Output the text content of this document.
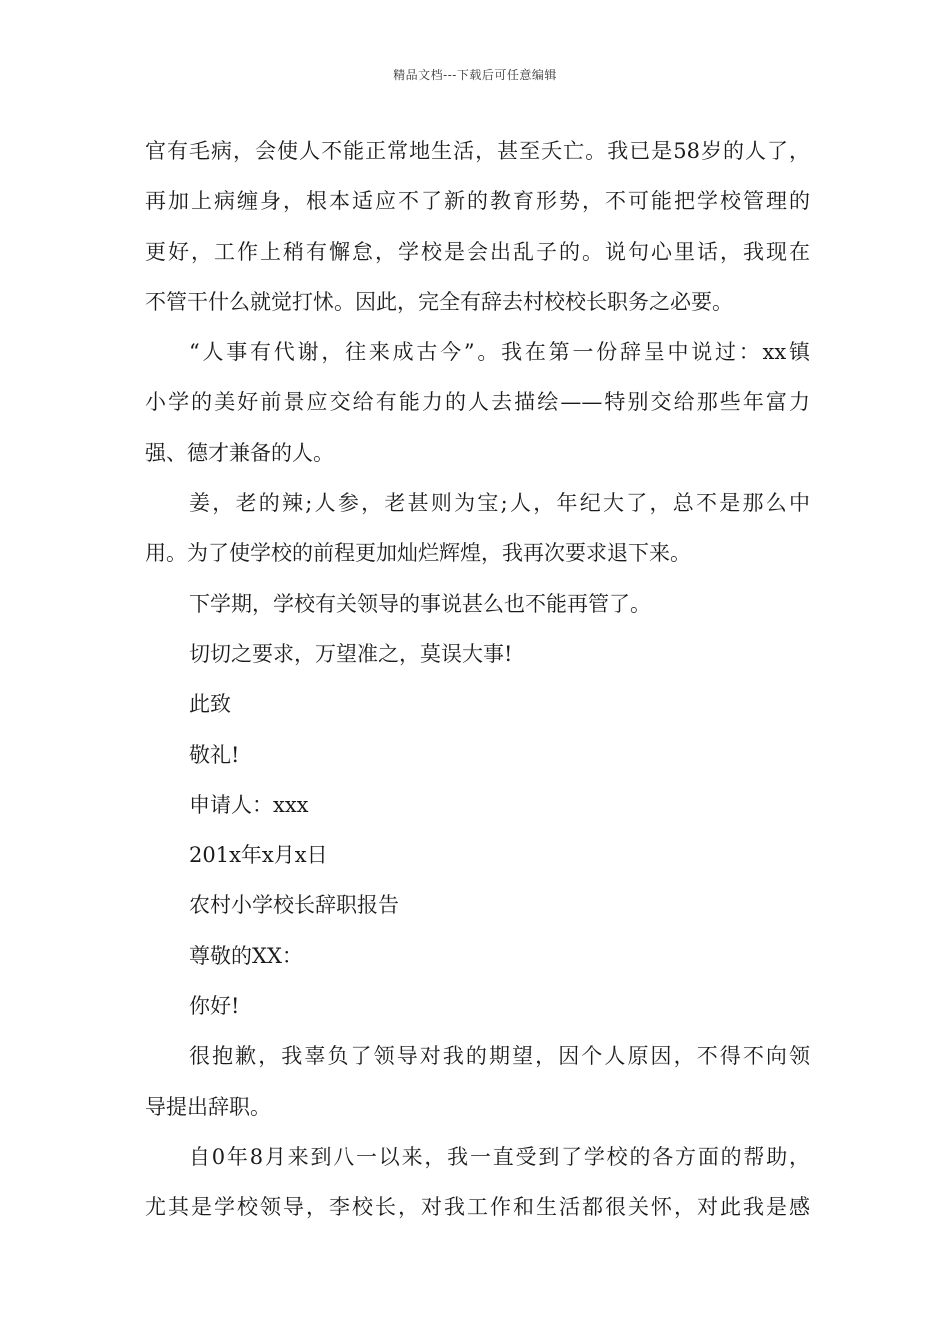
精品文档---下载后可任意编辑
官有毛病，会使人不能正常地生活，甚至夭亡。我已是58岁的人了，
再加上病缠身，根本适应不了新的教育形势，不可能把学校管理的
更好，工作上稍有懈怠，学校是会出乱子的。说句心里话，我现在
不管干什么就觉打怵。因此，完全有辞去村校校长职务之必要。
“人事有代谢，往来成古今”。我在第一份辞呈中说过：xx镇
小学的美好前景应交给有能力的人去描绘——特别交给那些年富力
强、德才兼备的人。
姜，老的辣;人参，老甚则为宝;人，年纪大了，总不是那么中
用。为了使学校的前程更加灿烂辉煌，我再次要求退下来。
下学期，学校有关领导的事说甚么也不能再管了。
切切之要求，万望准之，莫误大事!
此致
敬礼!
申请人：xxx
201x年x月x日
农村小学校长辞职报告
尊敬的XX：
你好!
很抱歉，我辜负了领导对我的期望，因个人原因，不得不向领
导提出辞职。
自0年8月来到八一以来，我一直受到了学校的各方面的帮助，
尤其是学校领导，李校长，对我工作和生活都很关怀，对此我是感
